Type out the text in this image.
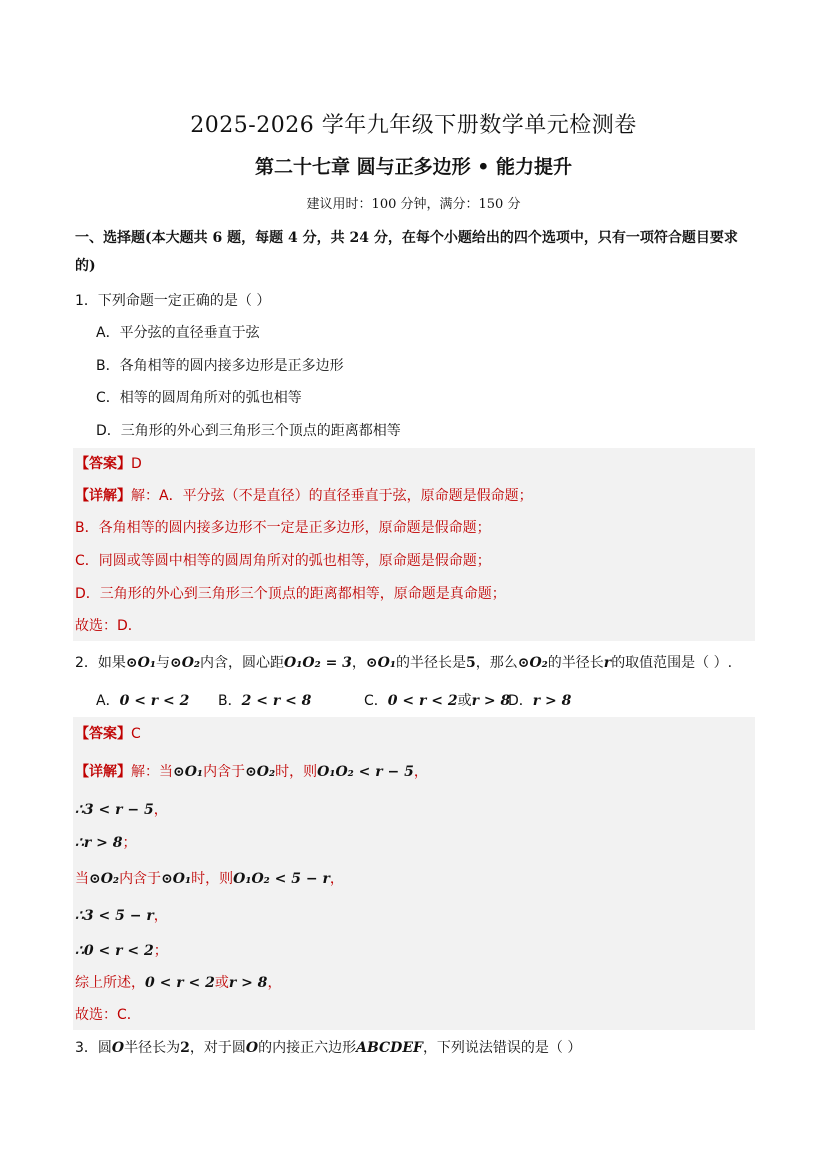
2025-2026 学年九年级下册数学单元检测卷
第二十七章 圆与正多边形 • 能力提升
建议用时：100 分钟，满分：150 分
一、选择题(本大题共 6 题，每题 4 分，共 24 分，在每个小题给出的四个选项中，只有一项符合题目要求
的)
1．下列命题一定正确的是（ ）
A．平分弦的直径垂直于弦
B．各角相等的圆内接多边形是正多边形
C．相等的圆周角所对的弧也相等
D．三角形的外心到三角形三个顶点的距离都相等
【答案】D
【详解】解：A．平分弦（不是直径）的直径垂直于弦，原命题是假命题；
B．各角相等的圆内接多边形不一定是正多边形，原命题是假命题；
C．同圆或等圆中相等的圆周角所对的弧也相等，原命题是假命题；
D．三角形的外心到三角形三个顶点的距离都相等，原命题是真命题；
故选：D．
2．如果⊙O₁与⊙O₂内含，圆心距O₁O₂ = 3，⊙O₁的半径长是5，那么⊙O₂的半径长r的取值范围是（ ）.
A．0 < r < 2 B．2 < r < 8	C．0 < r < 2或r > 8D．r > 8
【答案】C
【详解】解：当⊙O₁内含于⊙O₂时，则O₁O₂ < r − 5，
∴3 < r − 5，
∴r > 8；
当⊙O₂内含于⊙O₁时，则O₁O₂ < 5 − r，
∴3 < 5 − r，
∴0 < r < 2；
综上所述，0 < r < 2或r > 8，
故选：C．
3．圆O半径长为2，对于圆O的内接正六边形ABCDEF，下列说法错误的是（ ）
